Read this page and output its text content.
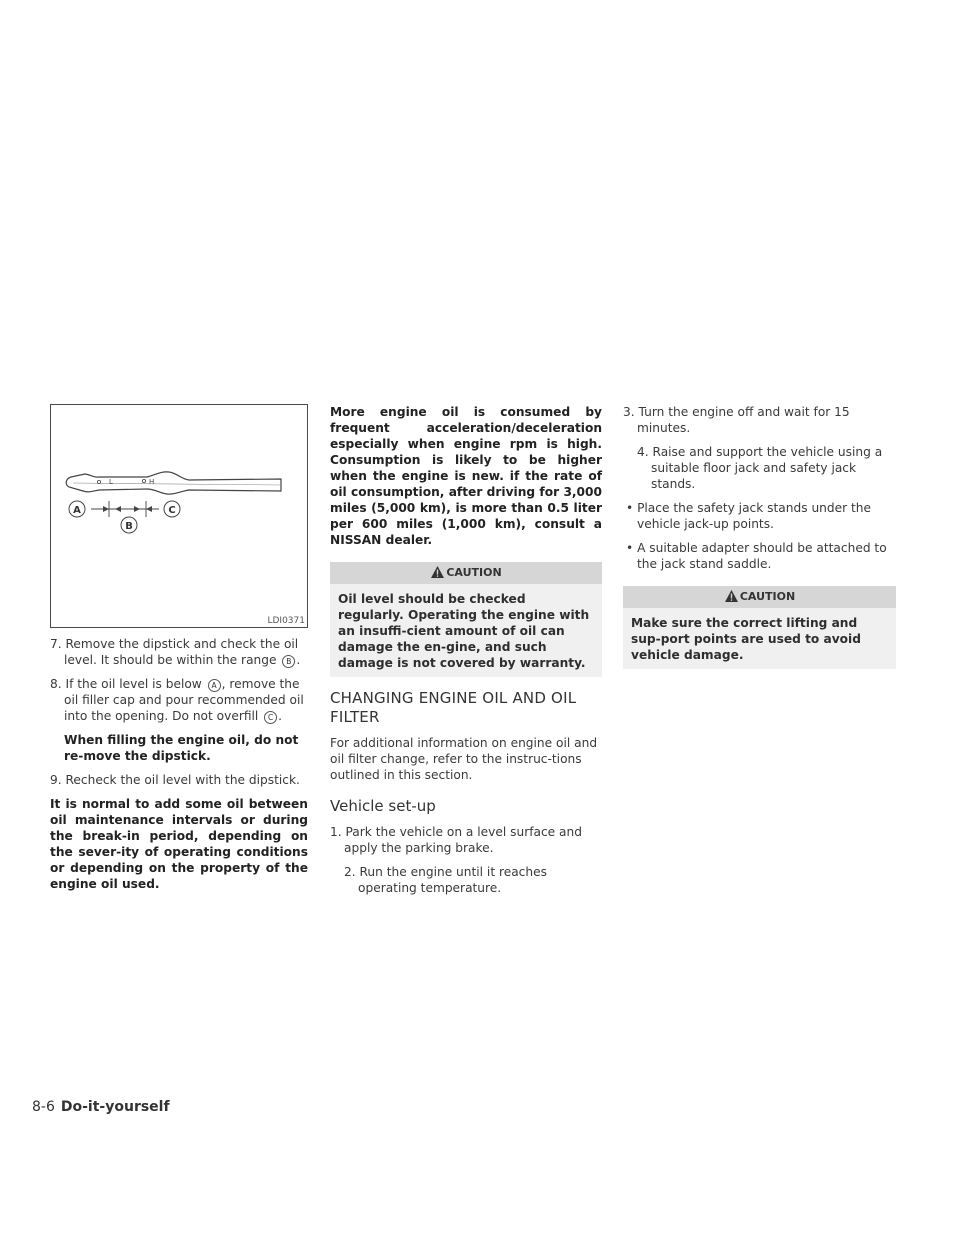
L	H
A
B
C
LDI0371

7. Remove the dipstick and check the oil level. It should be within the range B .

8. If the oil level is below A , remove the oil filler cap and pour recommended oil into the opening. Do not overfill C .

When filling the engine oil, do not re-move the dipstick.

9. Recheck the oil level with the dipstick.

It is normal to add some oil between oil maintenance intervals or during the break-in period, depending on the sever-ity of operating conditions or depending on the property of the engine oil used.

More engine oil is consumed by frequent acceleration/deceleration especially when engine rpm is high. Consumption is likely to be higher when the engine is new. if the rate of oil consumption, after driving for 3,000 miles (5,000 km), is more than 0.5 liter per 600 miles (1,000 km), consult a NISSAN dealer.

CAUTION
Oil level should be checked regularly. Operating the engine with an insuffi-cient amount of oil can damage the en-gine, and such damage is not covered by warranty.
CHANGING ENGINE OIL AND OIL FILTER

For additional information on engine oil and oil filter change, refer to the instruc-tions outlined in this section.

Vehicle set-up

1. Park the vehicle on a level surface and apply the parking brake.

2. Run the engine until it reaches operating temperature.

3. Turn the engine off and wait for 15 minutes.

4. Raise and support the vehicle using a suitable floor jack and safety jack stands.

• Place the safety jack stands under the vehicle jack-up points.

• A suitable adapter should be attached to the jack stand saddle.

CAUTION
Make sure the correct lifting and sup-port points are used to avoid vehicle damage.
8-6 Do-it-yourself
